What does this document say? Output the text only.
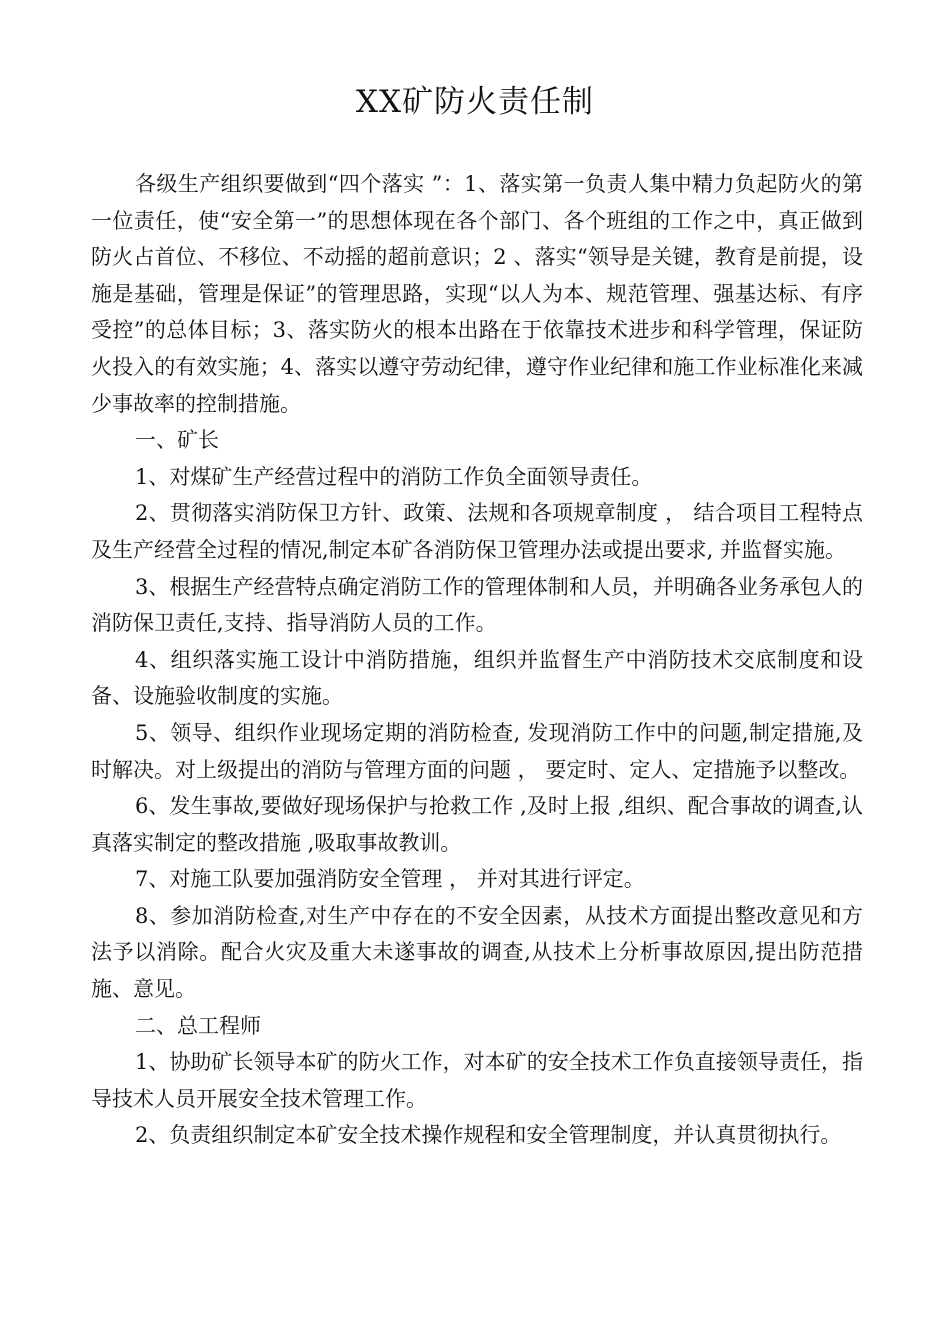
XX矿防火责任制

各级生产组织要做到“四个落实 ”：1、落实第一负责人集中精力负起防火的第一位责任，使“安全第一”的思想体现在各个部门、各个班组的工作之中，真正做到防火占首位、不移位、不动摇的超前意识；2 、落实“领导是关键，教育是前提，设施是基础，管理是保证”的管理思路，实现“以人为本、规范管理、强基达标、有序受控”的总体目标；3、落实防火的根本出路在于依靠技术进步和科学管理，保证防火投入的有效实施；4、落实以遵守劳动纪律，遵守作业纪律和施工作业标准化来减少事故率的控制措施。

一、矿长

1、对煤矿生产经营过程中的消防工作负全面领导责任。

2、贯彻落实消防保卫方针、政策、法规和各项规章制度 ， 结合项目工程特点及生产经营全过程的情况,制定本矿各消防保卫管理办法或提出要求, 并监督实施。

3、根据生产经营特点确定消防工作的管理体制和人员，并明确各业务承包人的消防保卫责任,支持、指导消防人员的工作。

4、组织落实施工设计中消防措施，组织并监督生产中消防技术交底制度和设备、设施验收制度的实施。

5、领导、组织作业现场定期的消防检查, 发现消防工作中的问题,制定措施,及时解决。对上级提出的消防与管理方面的问题 ， 要定时、定人、定措施予以整改。

6、发生事故,要做好现场保护与抢救工作 ,及时上报 ,组织、配合事故的调查,认真落实制定的整改措施 ,吸取事故教训。

7、对施工队要加强消防安全管理 ， 并对其进行评定。

8、参加消防检查,对生产中存在的不安全因素，从技术方面提出整改意见和方法予以消除。配合火灾及重大未遂事故的调查,从技术上分析事故原因,提出防范措施、意见。

二、总工程师

1、协助矿长领导本矿的防火工作，对本矿的安全技术工作负直接领导责任，指导技术人员开展安全技术管理工作。

2、负责组织制定本矿安全技术操作规程和安全管理制度，并认真贯彻执行。
